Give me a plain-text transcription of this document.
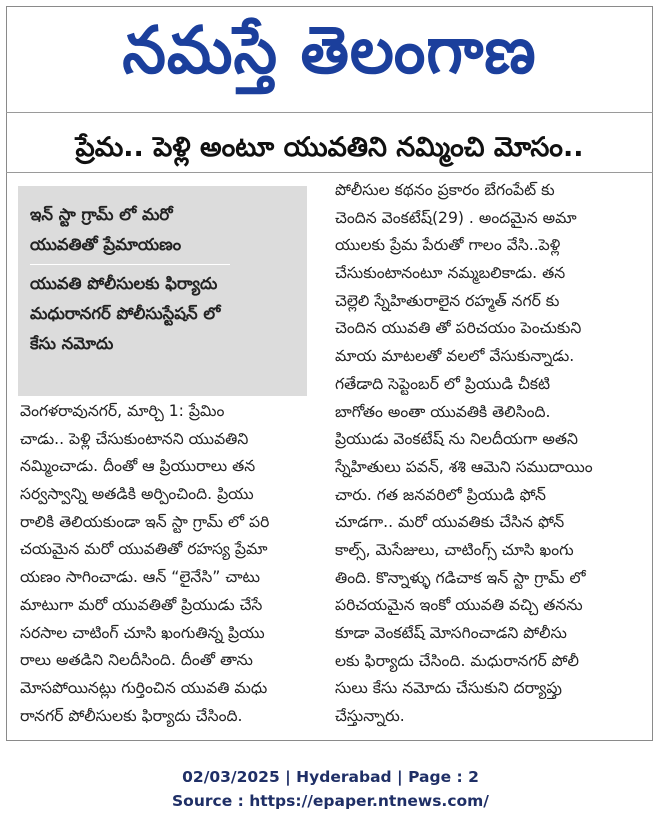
నమస్తే తెలంగాణ
ప్రేమ.. పెళ్లి అంటూ యువతిని నమ్మించి మోసం..
ఇన్ స్టా గ్రామ్ లో మరో
యువతితో ప్రేమాయణం
యువతి పోలీసులకు ఫిర్యాదు
మధురానగర్ పోలీసుస్టేషన్ లో
కేసు నమోదు
వెంగళరావునగర్, మార్చి 1: ప్రేమిం
చాడు.. పెళ్లి చేసుకుంటానని యువతిని
నమ్మించాడు. దీంతో ఆ ప్రియురాలు తన
సర్వస్వాన్ని అతడికి అర్పించింది. ప్రియు
రాలికి తెలియకుండా ఇన్ స్టా గ్రామ్ లో పరి
చయమైన మరో యువతితో రహస్య ప్రేమా
యణం సాగించాడు. ఆన్ “లైనేసి” చాటు
మాటుగా మరో యువతితో ప్రియుడు చేసే
సరసాల చాటింగ్ చూసి ఖంగుతిన్న ప్రియు
రాలు అతడిని నిలదీసింది. దీంతో తాను
మోసపోయినట్లు గుర్తించిన యువతి మధు
రానగర్ పోలీసులకు ఫిర్యాదు చేసింది.
పోలీసుల కథనం ప్రకారం బేగంపేట్ కు
చెందిన వెంకటేష్(29) . అందమైన అమా
యులకు ప్రేమ పేరుతో గాలం వేసి..పెళ్లి
చేసుకుంటానంటూ నమ్మబలికాడు. తన
చెల్లెలి స్నేహితురాలైన రహ్మత్ నగర్ కు
చెందిన యువతి తో పరిచయం పెంచుకుని
మాయ మాటలతో వలలో వేసుకున్నాడు.
గతేడాది సెప్టెంబర్ లో ప్రియుడి చీకటి
బాగోతం అంతా యువతికి తెలిసింది.
ప్రియుడు వెంకటేష్ ను నిలదీయగా అతని
స్నేహితులు పవన్, శశి ఆమెని సముదాయిం
చారు. గత జనవరిలో ప్రియుడి ఫోన్
చూడగా.. మరో యువతికు చేసిన ఫోన్
కాల్స్, మెసేజులు, చాటింగ్స్ చూసి ఖంగు
తింది. కొన్నాళ్ళు గడిచాక ఇన్ స్టా గ్రామ్ లో
పరిచయమైన ఇంకో యువతి వచ్చి తనను
కూడా వెంకటేష్ మోసగించాడని పోలీసు
లకు ఫిర్యాదు చేసింది. మధురానగర్ పోలీ
సులు కేసు నమోదు చేసుకుని దర్యాప్తు
చేస్తున్నారు.
02/03/2025 | Hyderabad | Page : 2
Source : https://epaper.ntnews.com/
